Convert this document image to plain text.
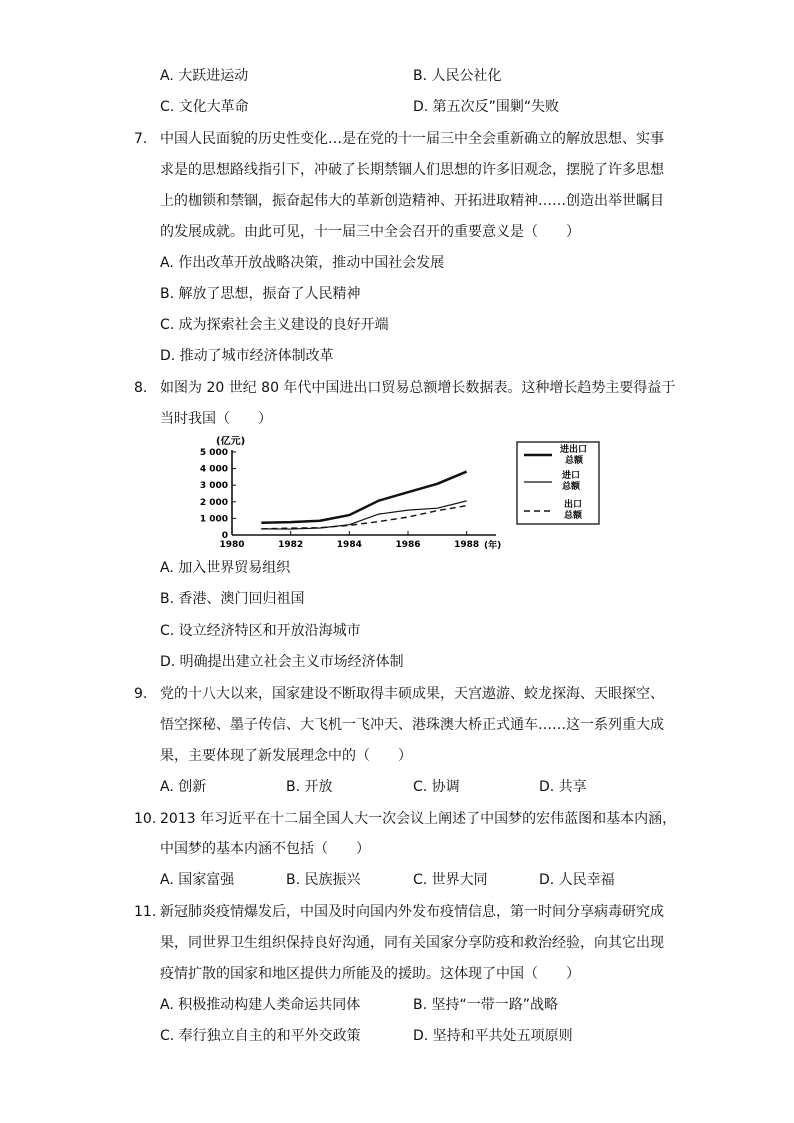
A. 大跃进运动	B. 人民公社化
C. 文化大革命	D. 第五次反”围剿“失败
7. 中国人民面貌的历史性变化…是在党的十一届三中全会重新确立的解放思想、实事
求是的思想路线指引下，冲破了长期禁锢人们思想的许多旧观念，摆脱了许多思想
上的枷锁和禁锢，振奋起伟大的革新创造精神、开拓进取精神……创造出举世瞩目
的发展成就。由此可见，十一届三中全会召开的重要意义是（　　）
A. 作出改革开放战略决策，推动中国社会发展
B. 解放了思想，振奋了人民精神
C. 成为探索社会主义建设的良好开端
D. 推动了城市经济体制改革
8. 如图为 20 世纪 80 年代中国进出口贸易总额增长数据表。这种增长趋势主要得益于
当时我国（　　）
(亿元)
(年)
0
1 000
2 000
3 000
4 000
5 000
1980	1982	1984	1986	1988
进出口
总额
进口
总额
出口
总额
A. 加入世界贸易组织
B. 香港、澳门回归祖国
C. 设立经济特区和开放沿海城市
D. 明确提出建立社会主义市场经济体制
9. 党的十八大以来，国家建设不断取得丰硕成果，天宫遨游、蛟龙探海、天眼探空、
悟空探秘、墨子传信、大飞机一飞冲天、港珠澳大桥正式通车……这一系列重大成
果，主要体现了新发展理念中的（　　）
A. 创新	B. 开放	C. 协调	D. 共享
10. 2013 年习近平在十二届全国人大一次会议上阐述了中国梦的宏伟蓝图和基本内涵，
中国梦的基本内涵不包括（　　）
A. 国家富强	B. 民族振兴	C. 世界大同	D. 人民幸福
11. 新冠肺炎疫情爆发后，中国及时向国内外发布疫情信息，第一时间分享病毒研究成
果，同世界卫生组织保持良好沟通，同有关国家分享防疫和救治经验，向其它出现
疫情扩散的国家和地区提供力所能及的援助。这体现了中国（　　）
A. 积极推动构建人类命运共同体	B. 坚持“一带一路”战略
C. 奉行独立自主的和平外交政策	D. 坚持和平共处五项原则
